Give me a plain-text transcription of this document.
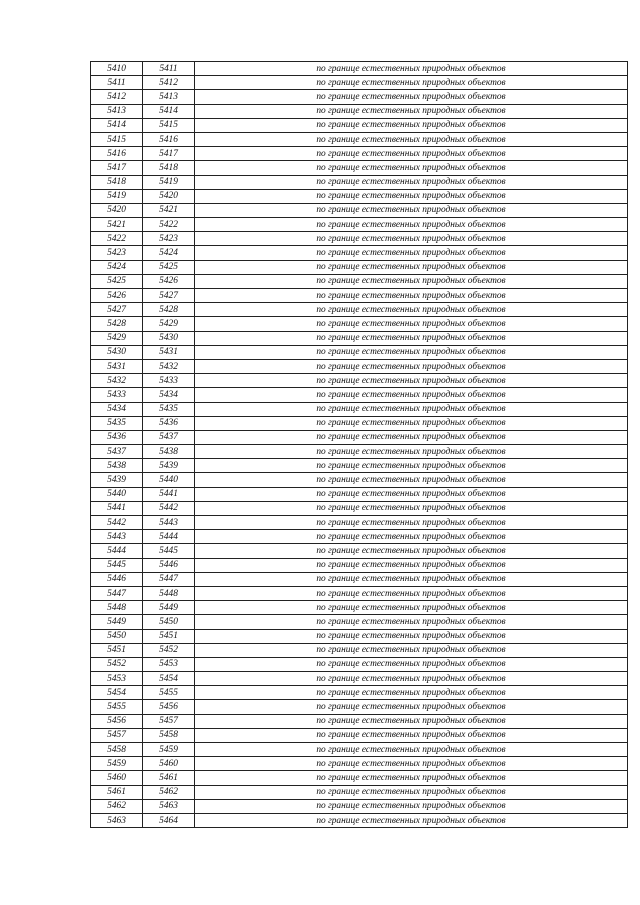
5410	5411	по границе естественных природных объектов
5411	5412	по границе естественных природных объектов
5412	5413	по границе естественных природных объектов
5413	5414	по границе естественных природных объектов
5414	5415	по границе естественных природных объектов
5415	5416	по границе естественных природных объектов
5416	5417	по границе естественных природных объектов
5417	5418	по границе естественных природных объектов
5418	5419	по границе естественных природных объектов
5419	5420	по границе естественных природных объектов
5420	5421	по границе естественных природных объектов
5421	5422	по границе естественных природных объектов
5422	5423	по границе естественных природных объектов
5423	5424	по границе естественных природных объектов
5424	5425	по границе естественных природных объектов
5425	5426	по границе естественных природных объектов
5426	5427	по границе естественных природных объектов
5427	5428	по границе естественных природных объектов
5428	5429	по границе естественных природных объектов
5429	5430	по границе естественных природных объектов
5430	5431	по границе естественных природных объектов
5431	5432	по границе естественных природных объектов
5432	5433	по границе естественных природных объектов
5433	5434	по границе естественных природных объектов
5434	5435	по границе естественных природных объектов
5435	5436	по границе естественных природных объектов
5436	5437	по границе естественных природных объектов
5437	5438	по границе естественных природных объектов
5438	5439	по границе естественных природных объектов
5439	5440	по границе естественных природных объектов
5440	5441	по границе естественных природных объектов
5441	5442	по границе естественных природных объектов
5442	5443	по границе естественных природных объектов
5443	5444	по границе естественных природных объектов
5444	5445	по границе естественных природных объектов
5445	5446	по границе естественных природных объектов
5446	5447	по границе естественных природных объектов
5447	5448	по границе естественных природных объектов
5448	5449	по границе естественных природных объектов
5449	5450	по границе естественных природных объектов
5450	5451	по границе естественных природных объектов
5451	5452	по границе естественных природных объектов
5452	5453	по границе естественных природных объектов
5453	5454	по границе естественных природных объектов
5454	5455	по границе естественных природных объектов
5455	5456	по границе естественных природных объектов
5456	5457	по границе естественных природных объектов
5457	5458	по границе естественных природных объектов
5458	5459	по границе естественных природных объектов
5459	5460	по границе естественных природных объектов
5460	5461	по границе естественных природных объектов
5461	5462	по границе естественных природных объектов
5462	5463	по границе естественных природных объектов
5463	5464	по границе естественных природных объектов
